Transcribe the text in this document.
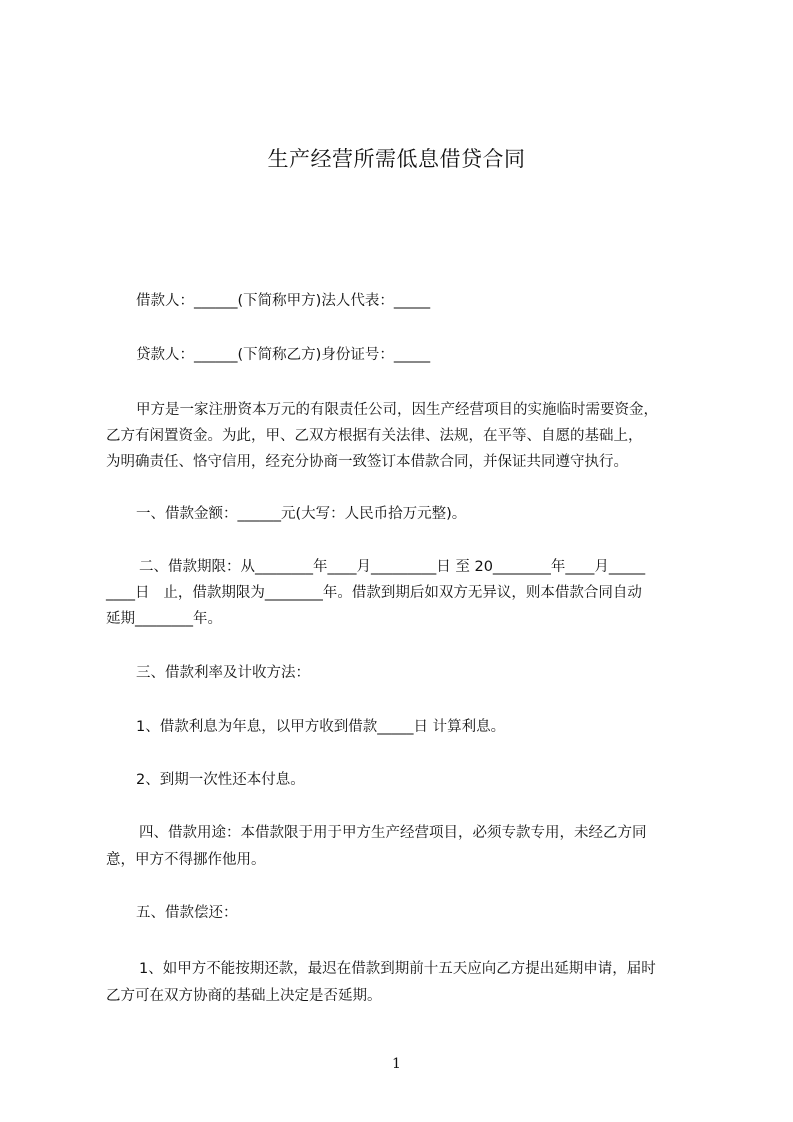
生产经营所需低息借贷合同
借款人：______(下简称甲方)法人代表：_____
贷款人：______(下简称乙方)身份证号：_____
甲方是一家注册资本万元的有限责任公司，因生产经营项目的实施临时需要资金，
乙方有闲置资金。为此，甲、乙双方根据有关法律、法规，在平等、自愿的基础上，
为明确责任、恪守信用，经充分协商一致签订本借款合同，并保证共同遵守执行。
一、借款金额：______元(大写：人民币拾万元整)。
二、借款期限：从________年____月_________日 至 20________年____月_____
____日   止，借款期限为________年。借款到期后如双方无异议，则本借款合同自动
延期________年。
三、借款利率及计收方法：
1、借款利息为年息，以甲方收到借款_____日 计算利息。
2、到期一次性还本付息。
四、借款用途：本借款限于用于甲方生产经营项目，必须专款专用，未经乙方同
意，甲方不得挪作他用。
五、借款偿还：
1、如甲方不能按期还款，最迟在借款到期前十五天应向乙方提出延期申请，届时
乙方可在双方协商的基础上决定是否延期。
1
